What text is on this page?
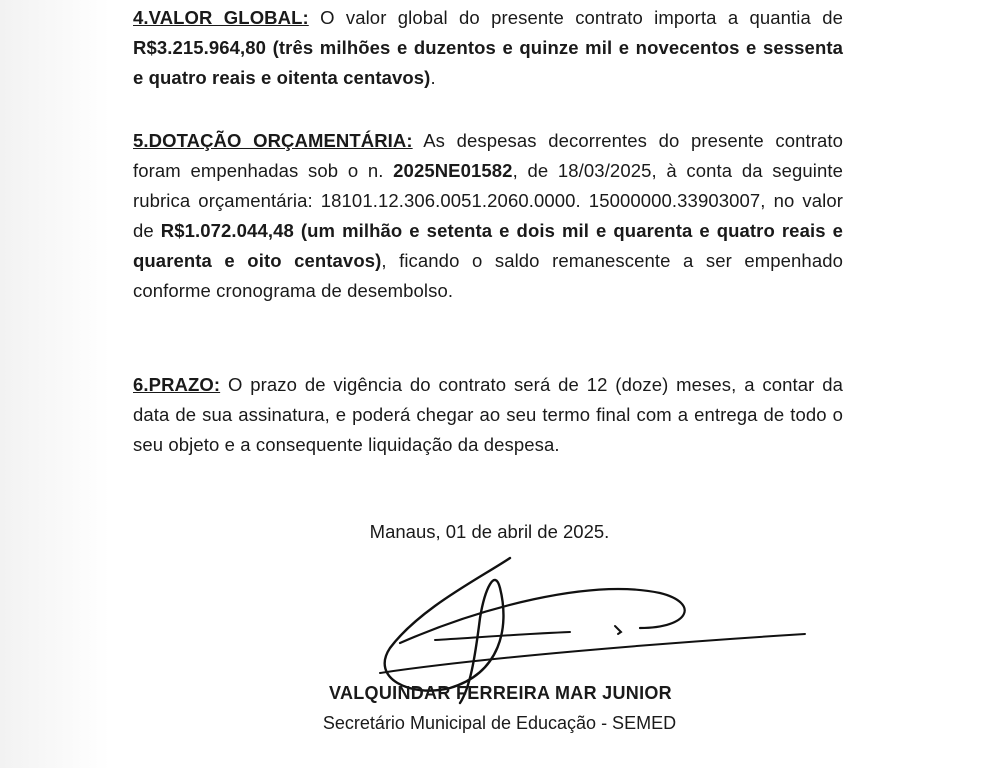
4.VALOR GLOBAL: O valor global do presente contrato importa a quantia de R$3.215.964,80 (três milhões e duzentos e quinze mil e novecentos e sessenta e quatro reais e oitenta centavos).

5.DOTAÇÃO ORÇAMENTÁRIA: As despesas decorrentes do presente contrato foram empenhadas sob o n. 2025NE01582, de 18/03/2025, à conta da seguinte rubrica orçamentária: 18101.12.306.0051.2060.0000. 15000000.33903007, no valor de R$1.072.044,48 (um milhão e setenta e dois mil e quarenta e quatro reais e quarenta e oito centavos), ficando o saldo remanescente a ser empenhado conforme cronograma de desembolso.

6.PRAZO: O prazo de vigência do contrato será de 12 (doze) meses, a contar da data de sua assinatura, e poderá chegar ao seu termo final com a entrega de todo o seu objeto e a consequente liquidação da despesa.

Manaus, 01 de abril de 2025.
VALQUINDAR FERREIRA MAR JUNIOR
Secretário Municipal de Educação - SEMED
